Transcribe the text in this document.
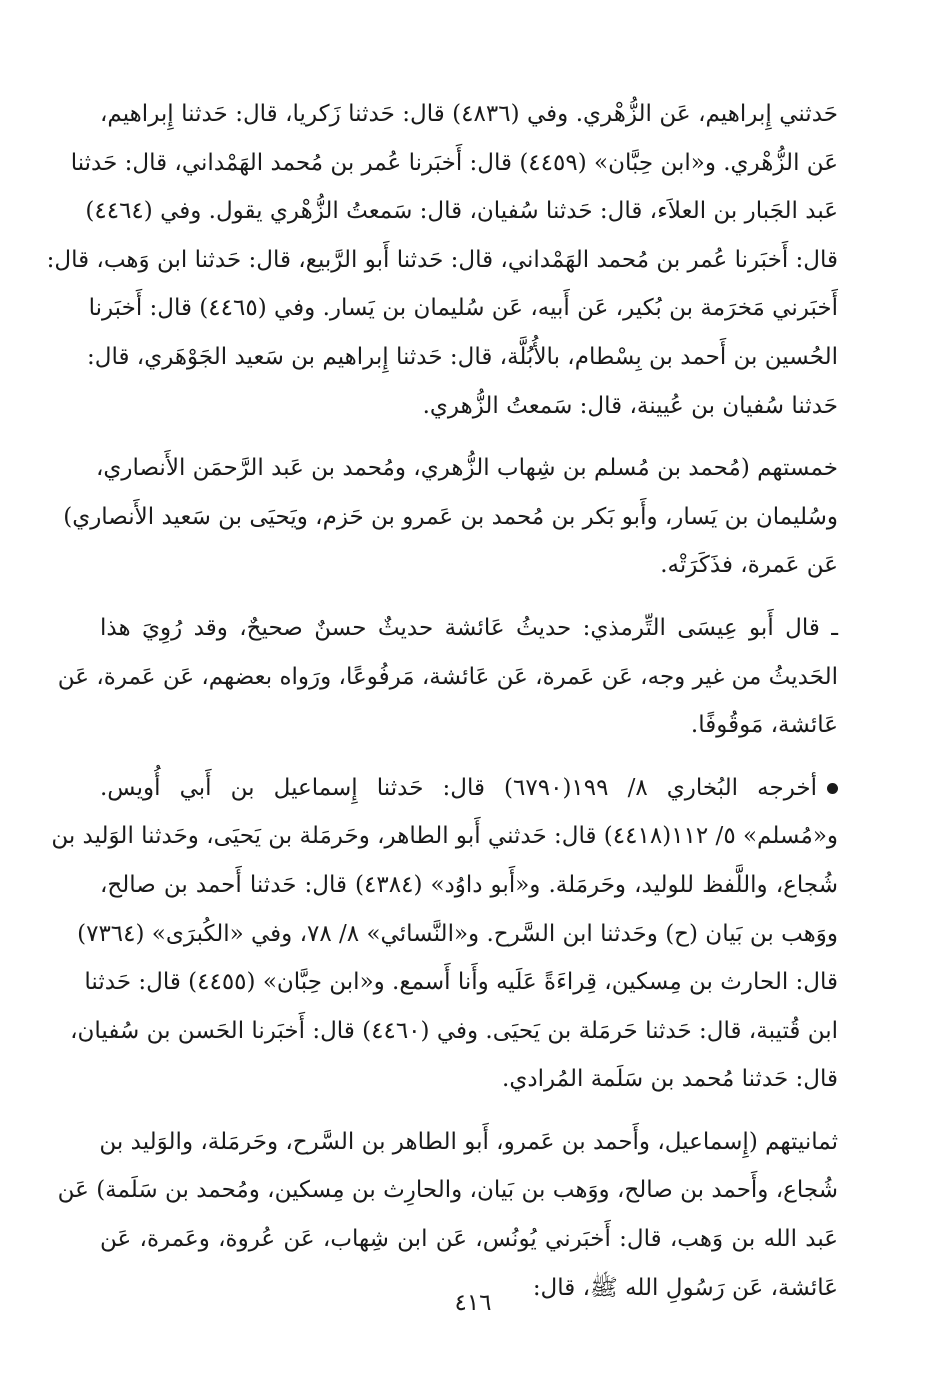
حَدثني إِبراهيم، عَن الزُّهْري. وفي (٤٨٣٦) قال: حَدثنا زَكريا، قال: حَدثنا إِبراهيم،
عَن الزُّهْري. و«ابن حِبَّان» (٤٤٥٩) قال: أَخبَرنا عُمر بن مُحمد الهَمْداني، قال: حَدثنا
عَبد الجَبار بن العلاَء، قال: حَدثنا سُفيان، قال: سَمعتُ الزُّهْري يقول. وفي (٤٤٦٤)
قال: أَخبَرنا عُمر بن مُحمد الهَمْداني، قال: حَدثنا أَبو الرَّبيع، قال: حَدثنا ابن وَهب، قال:
أَخبَرني مَخرَمة بن بُكير، عَن أَبيه، عَن سُليمان بن يَسار. وفي (٤٤٦٥) قال: أَخبَرنا
الحُسين بن أَحمد بن بِسْطام، بالأُبُلَّة، قال: حَدثنا إِبراهيم بن سَعيد الجَوْهَري، قال:
حَدثنا سُفيان بن عُيينة، قال: سَمعتُ الزُّهري.
خمستهم (مُحمد بن مُسلم بن شِهاب الزُّهري، ومُحمد بن عَبد الرَّحمَن الأَنصاري،
وسُليمان بن يَسار، وأَبو بَكر بن مُحمد بن عَمرو بن حَزم، ويَحيَى بن سَعيد الأَنصاري)
عَن عَمرة، فذَكَرَتْه.
ـ قال أَبو عِيسَى التِّرمذي: حديثُ عَائشة حديثٌ حسنٌ صحيحٌ، وقد رُوِيَ هذا
الحَديثُ من غير وجه، عَن عَمرة، عَن عَائشة، مَرفُوعًا، ورَواه بعضهم، عَن عَمرة، عَن
عَائشة، مَوقُوفًا.
أخرجه البُخاري ٨/ ١٩٩(٦٧٩٠) قال: حَدثنا إِسماعيل بن أَبي أُويس.
و«مُسلم» ٥/ ١١٢(٤٤١٨) قال: حَدثني أَبو الطاهر، وحَرمَلة بن يَحيَى، وحَدثنا الوَليد بن
شُجاع، واللَّفظ للوليد، وحَرمَلة. و«أَبو داوُد» (٤٣٨٤) قال: حَدثنا أَحمد بن صالح،
ووَهب بن بَيان (ح) وحَدثنا ابن السَّرح. و«النَّسائي» ٨/ ٧٨، وفي «الكُبرَى» (٧٣٦٤)
قال: الحارث بن مِسكين، قِراءَةً عَلَيه وأَنا أَسمع. و«ابن حِبَّان» (٤٤٥٥) قال: حَدثنا
ابن قُتيبة، قال: حَدثنا حَرمَلة بن يَحيَى. وفي (٤٤٦٠) قال: أَخبَرنا الحَسن بن سُفيان،
قال: حَدثنا مُحمد بن سَلَمة المُرادي.
ثمانيتهم (إِسماعيل، وأَحمد بن عَمرو، أَبو الطاهر بن السَّرح، وحَرمَلة، والوَليد بن
شُجاع، وأَحمد بن صالح، ووَهب بن بَيان، والحارِث بن مِسكين، ومُحمد بن سَلَمة) عَن
عَبد الله بن وَهب، قال: أَخبَرني يُونُس، عَن ابن شِهاب، عَن عُروة، وعَمرة، عَن
عَائشة، عَن رَسُولِ الله ﷺ، قال:
٤١٦
